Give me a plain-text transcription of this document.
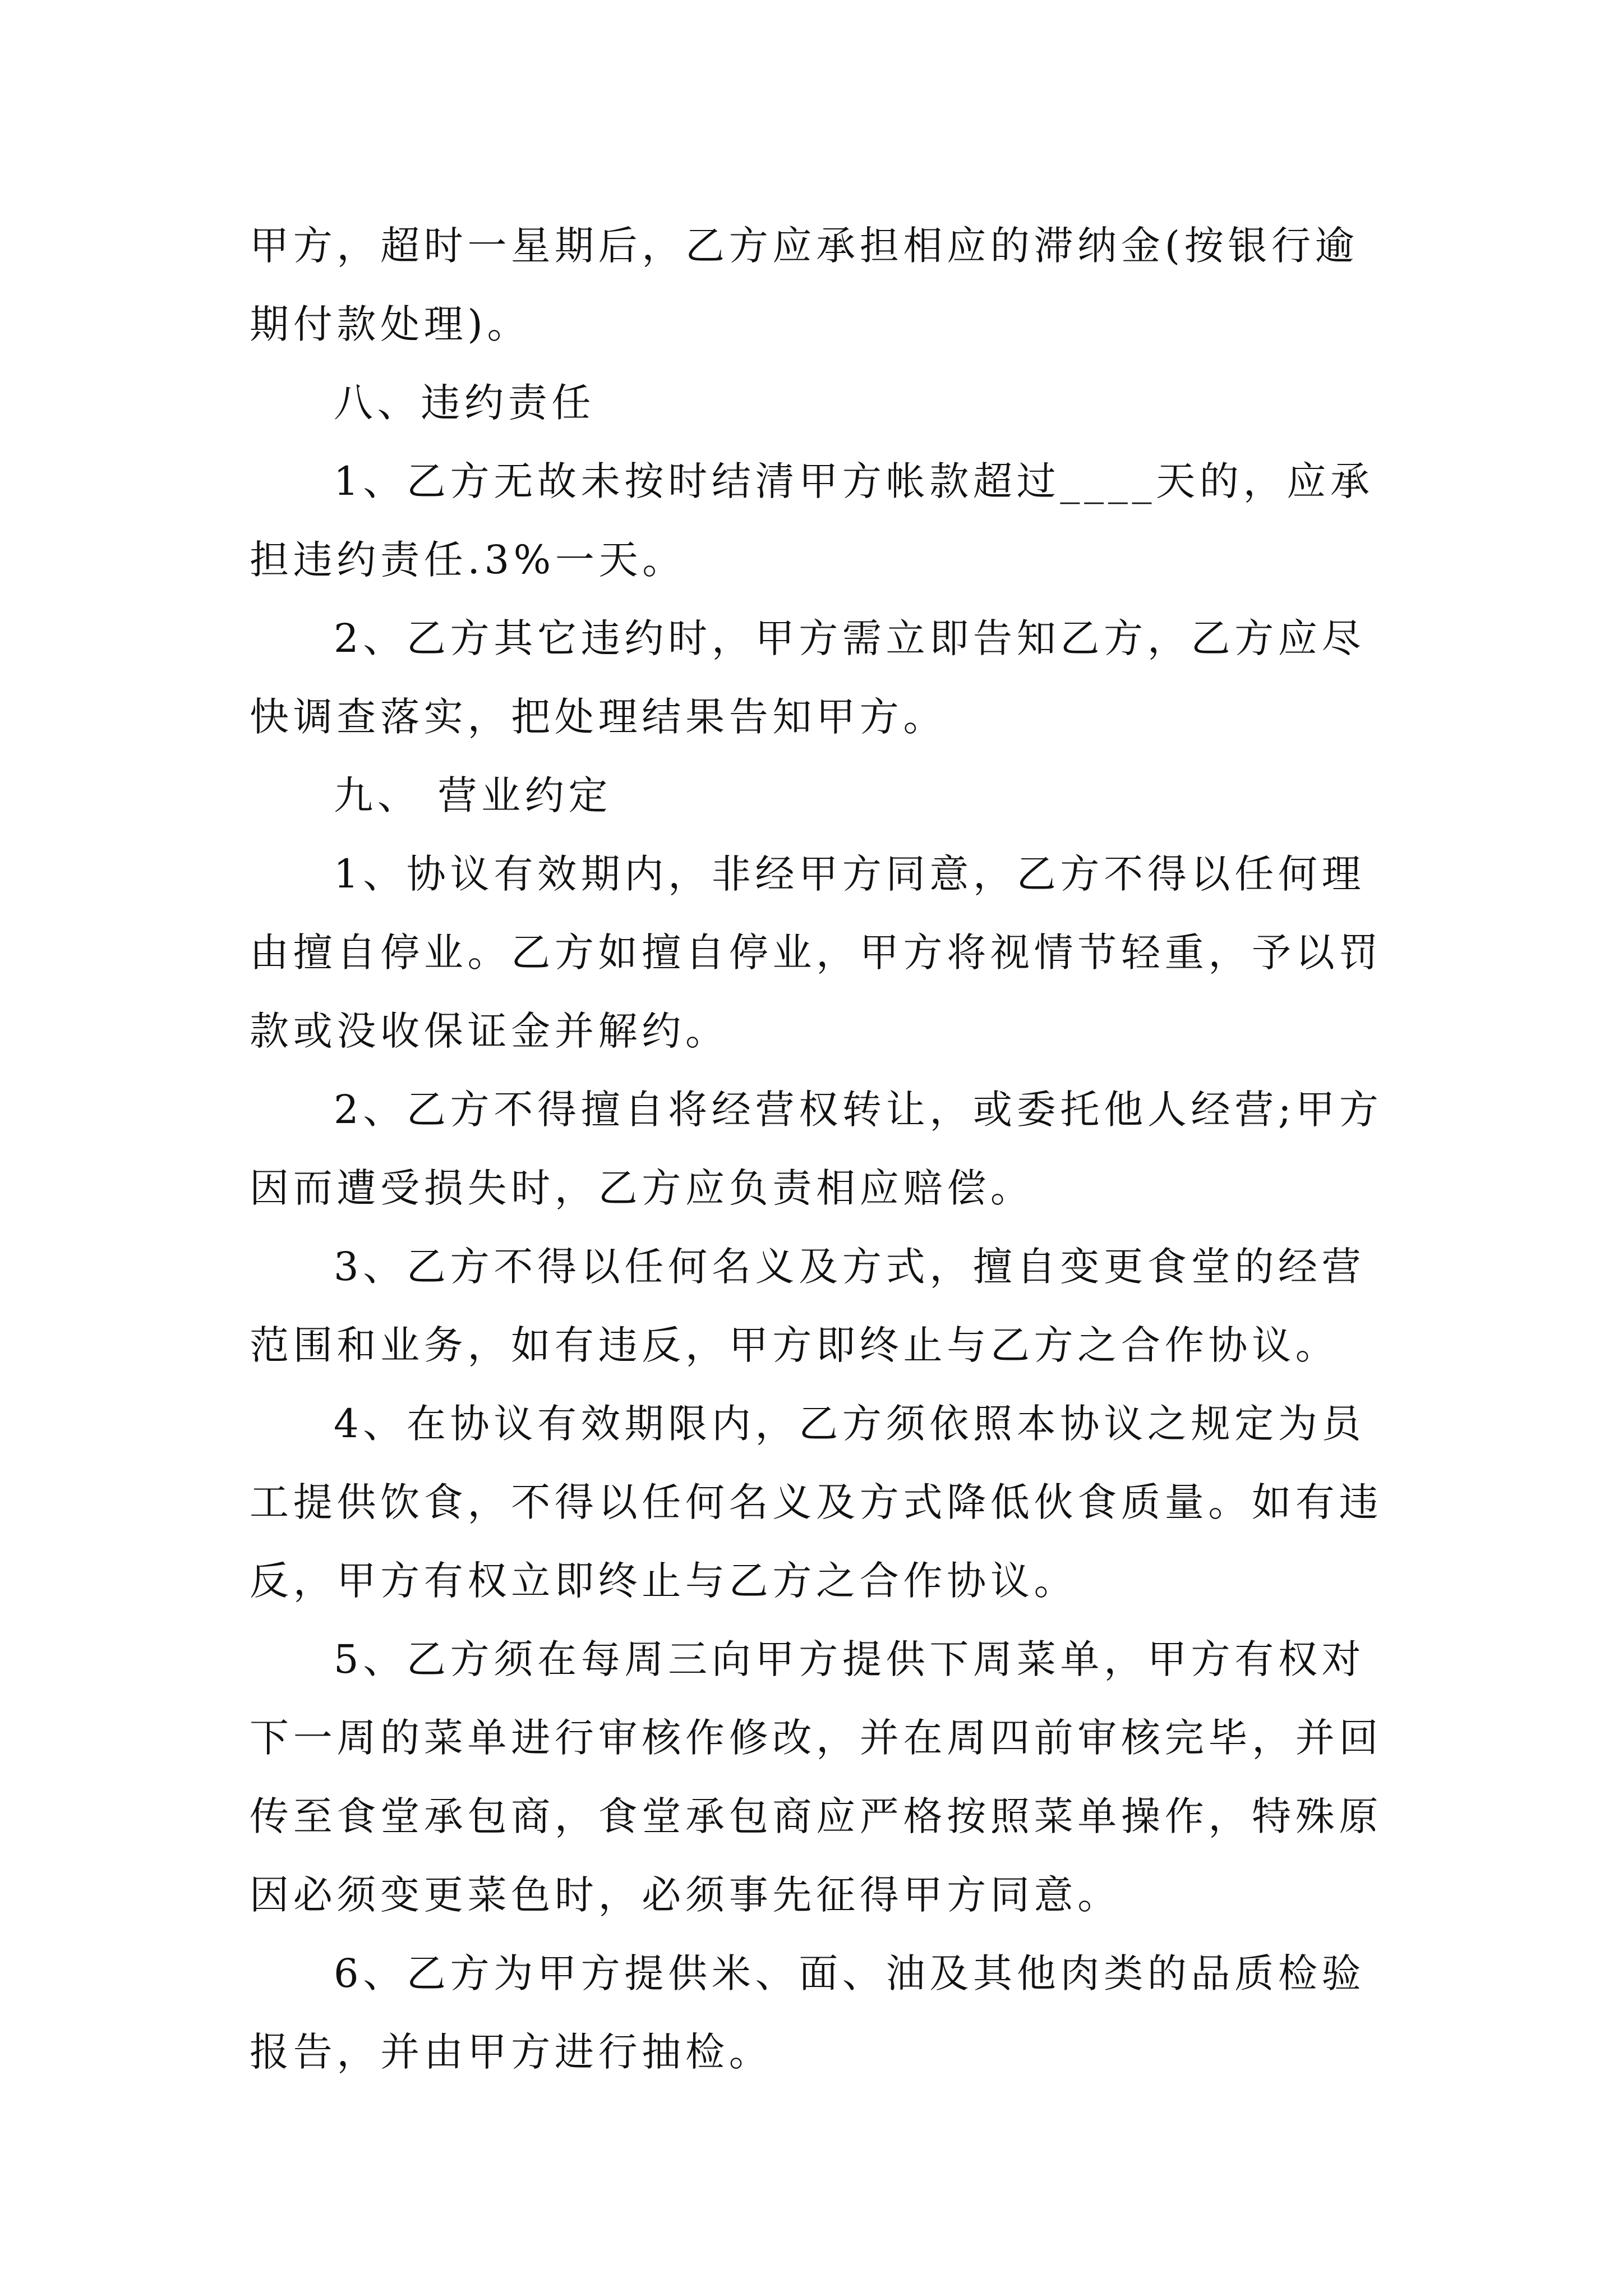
甲方，超时一星期后，乙方应承担相应的滞纳金(按银行逾
期付款处理)。
八、违约责任
1、乙方无故未按时结清甲方帐款超过____天的，应承
担违约责任.3%一天。
2、乙方其它违约时，甲方需立即告知乙方，乙方应尽
快调查落实，把处理结果告知甲方。
九、 营业约定
1、协议有效期内，非经甲方同意，乙方不得以任何理
由擅自停业。乙方如擅自停业，甲方将视情节轻重，予以罚
款或没收保证金并解约。
2、乙方不得擅自将经营权转让，或委托他人经营;甲方
因而遭受损失时，乙方应负责相应赔偿。
3、乙方不得以任何名义及方式，擅自变更食堂的经营
范围和业务，如有违反，甲方即终止与乙方之合作协议。
4、在协议有效期限内，乙方须依照本协议之规定为员
工提供饮食，不得以任何名义及方式降低伙食质量。如有违
反，甲方有权立即终止与乙方之合作协议。
5、乙方须在每周三向甲方提供下周菜单，甲方有权对
下一周的菜单进行审核作修改，并在周四前审核完毕，并回
传至食堂承包商，食堂承包商应严格按照菜单操作，特殊原
因必须变更菜色时，必须事先征得甲方同意。
6、乙方为甲方提供米、面、油及其他肉类的品质检验
报告，并由甲方进行抽检。
